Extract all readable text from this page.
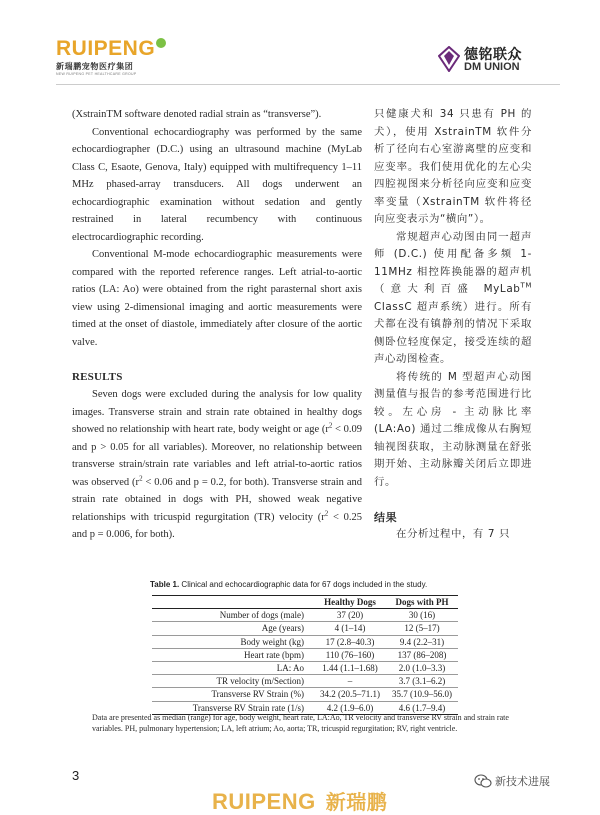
RUIPENG
新瑞鹏宠物医疗集团
NEW RUIPENG PET HEALTHCARE GROUP
德铭联众
DM UNION

(XstrainTM software denoted radial strain as “transverse”).

Conventional echocardiography was performed by the same echocardiographer (D.C.) using an ultrasound machine (MyLab Class C, Esaote, Genova, Italy) equipped with multifrequency 1–11 MHz phased-array transducers. All dogs underwent an echocardiographic examination without sedation and gently restrained in lateral recumbency with continuous electrocardiographic recording.

Conventional M-mode echocardiographic measurements were compared with the reported reference ranges. Left atrial-to-aortic ratios (LA: Ao) were obtained from the right parasternal short axis view using 2-dimensional imaging and aortic measurements were timed at the onset of diastole, immediately after closure of the aortic valve.

RESULTS

Seven dogs were excluded during the analysis for low quality images. Transverse strain and strain rate obtained in healthy dogs showed no relationship with heart rate, body weight or age ($r^2 < 0.09$ and p > 0.05 for all variables). Moreover, no relationship between transverse strain/strain rate variables and left atrial-to-aortic ratios was observed ($r^2 < 0.06$ and p = 0.2, for both). Transverse strain and strain rate obtained in dogs with PH, showed weak negative relationships with tricuspid regurgitation (TR) velocity ($r^2 < 0.25$ and p = 0.006, for both).

只健康犬和 34 只患有 PH 的犬），使用 XstrainTM 软件分析了径向右心室游离壁的应变和应变率。我们使用优化的左心尖四腔视图来分析径向应变和应变率变量（XstrainTM 软件将径向应变表示为“横向”）。

常规超声心动图由同一超声师 (D.C.) 使用配备多频 1-11MHz 相控阵换能器的超声机（意大利百盛 MyLab™ ClassC 超声系统）进行。所有犬都在没有镇静剂的情况下采取侧卧位轻度保定，接受连续的超声心动图检查。

将传统的 M 型超声心动图测量值与报告的参考范围进行比较。左心房 - 主动脉比率 (LA:Ao) 通过二维成像从右胸短轴视图获取，主动脉测量在舒张期开始、主动脉瓣关闭后立即进行。

结果

在分析过程中，有 7 只

Table 1. Clinical and echocardiographic data for 67 dogs included in the study.
	Healthy Dogs	Dogs with PH
Number of dogs (male)	37 (20)	30 (16)
Age (years)	4 (1–14)	12 (5–17)
Body weight (kg)	17 (2.8–40.3)	9.4 (2.2–31)
Heart rate (bpm)	110 (76–160)	137 (86–208)
LA: Ao	1.44 (1.1–1.68)	2.0 (1.0–3.3)
TR velocity (m/Section)	–	3.7 (3.1–6.2)
Transverse RV Strain (%)	34.2 (20.5–71.1)	35.7 (10.9–56.0)
Transverse RV Strain rate (1/s)	4.2 (1.9–6.0)	4.6 (1.7–9.4)
Data are presented as median (range) for age, body weight, heart rate, LA:Ao, TR velocity and transverse RV strain and strain rate variables. PH, pulmonary hypertension; LA, left atrium; Ao, aorta; TR, tricuspid regurgitation; RV, right ventricle.
3
RUIPENG 新瑞鹏
新技术进展
